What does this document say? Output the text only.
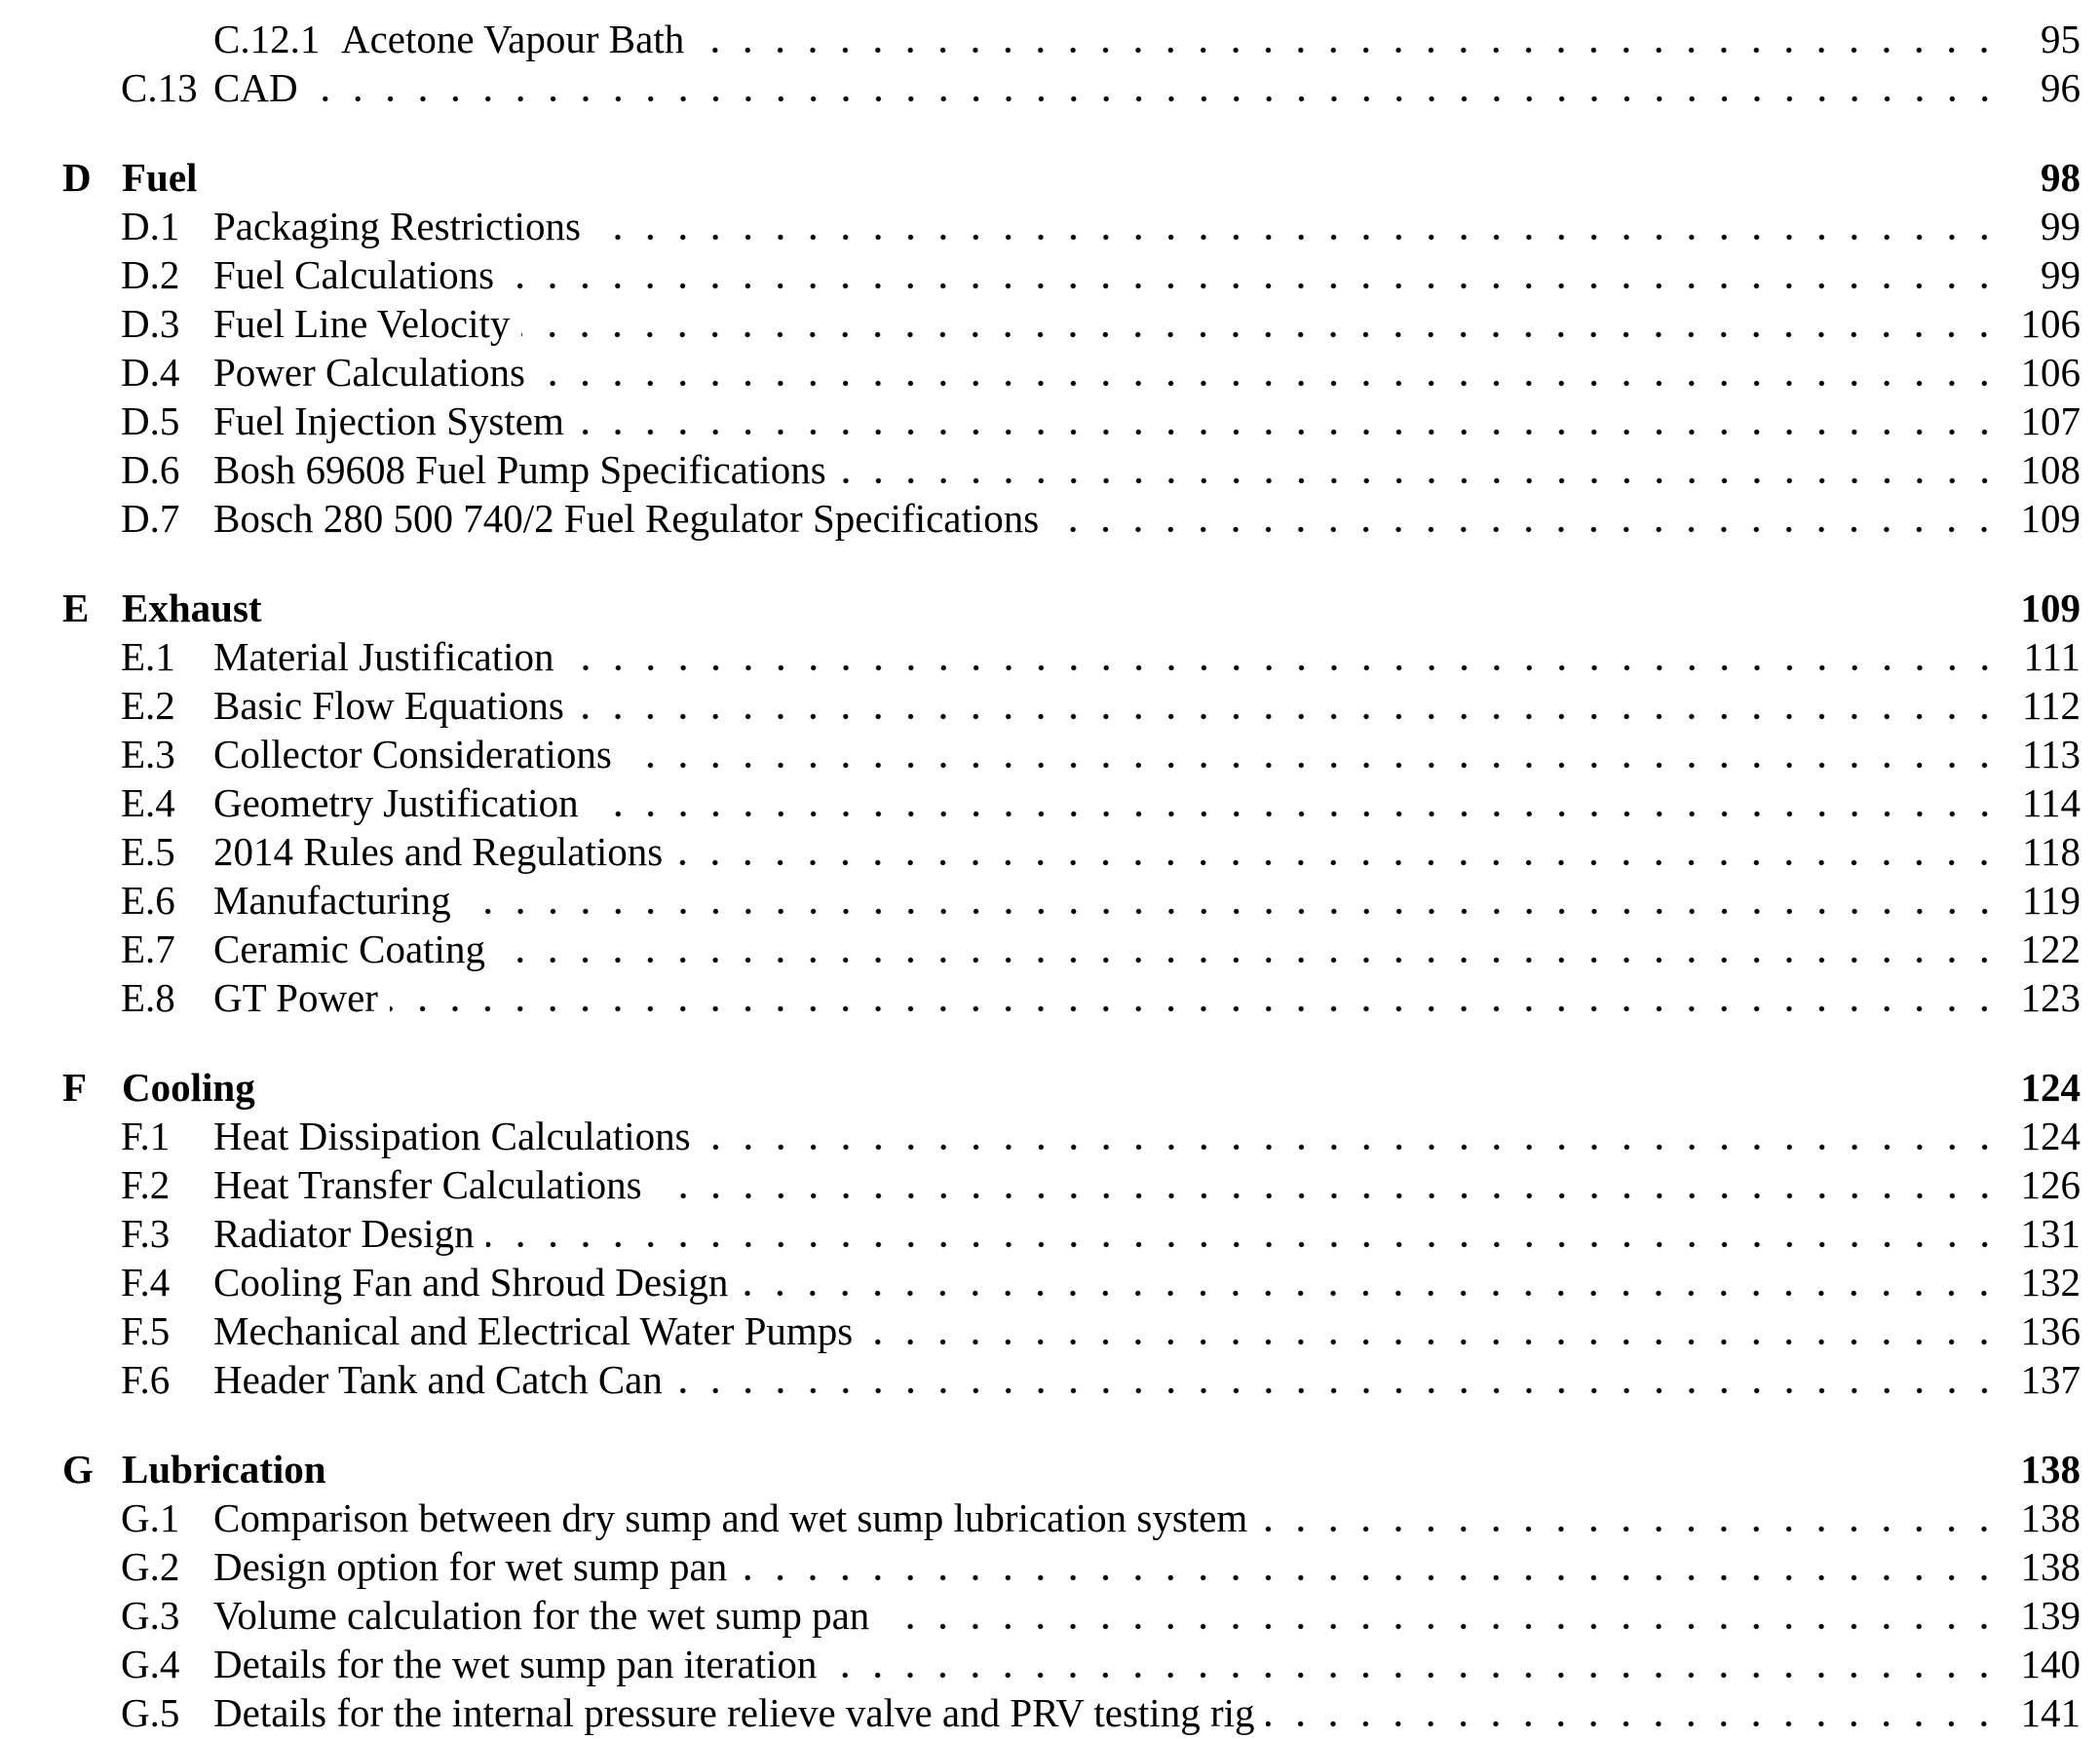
C.12.1 Acetone Vapour Bath	95
C.13 CAD	96
D Fuel	98
D.1 Packaging Restrictions	99
D.2 Fuel Calculations	99
D.3 Fuel Line Velocity	106
D.4 Power Calculations	106
D.5 Fuel Injection System	107
D.6 Bosh 69608 Fuel Pump Specifications	108
D.7 Bosch 280 500 740/2 Fuel Regulator Specifications	109
E Exhaust	109
E.1 Material Justification	111
E.2 Basic Flow Equations	112
E.3 Collector Considerations	113
E.4 Geometry Justification	114
E.5 2014 Rules and Regulations	118
E.6 Manufacturing	119
E.7 Ceramic Coating	122
E.8 GT Power	123
F Cooling	124
F.1	Heat Dissipation Calculations	124
F.2	Heat Transfer Calculations	126
F.3	Radiator Design	131
F.4	Cooling Fan and Shroud Design	132
F.5	Mechanical and Electrical Water Pumps	136
F.6	Header Tank and Catch Can	137
G Lubrication	138
G.1 Comparison between dry sump and wet sump lubrication system	138
G.2 Design option for wet sump pan	138
G.3 Volume calculation for the wet sump pan	139
G.4 Details for the wet sump pan iteration	140
G.5 Details for the internal pressure relieve valve and PRV testing rig	141
